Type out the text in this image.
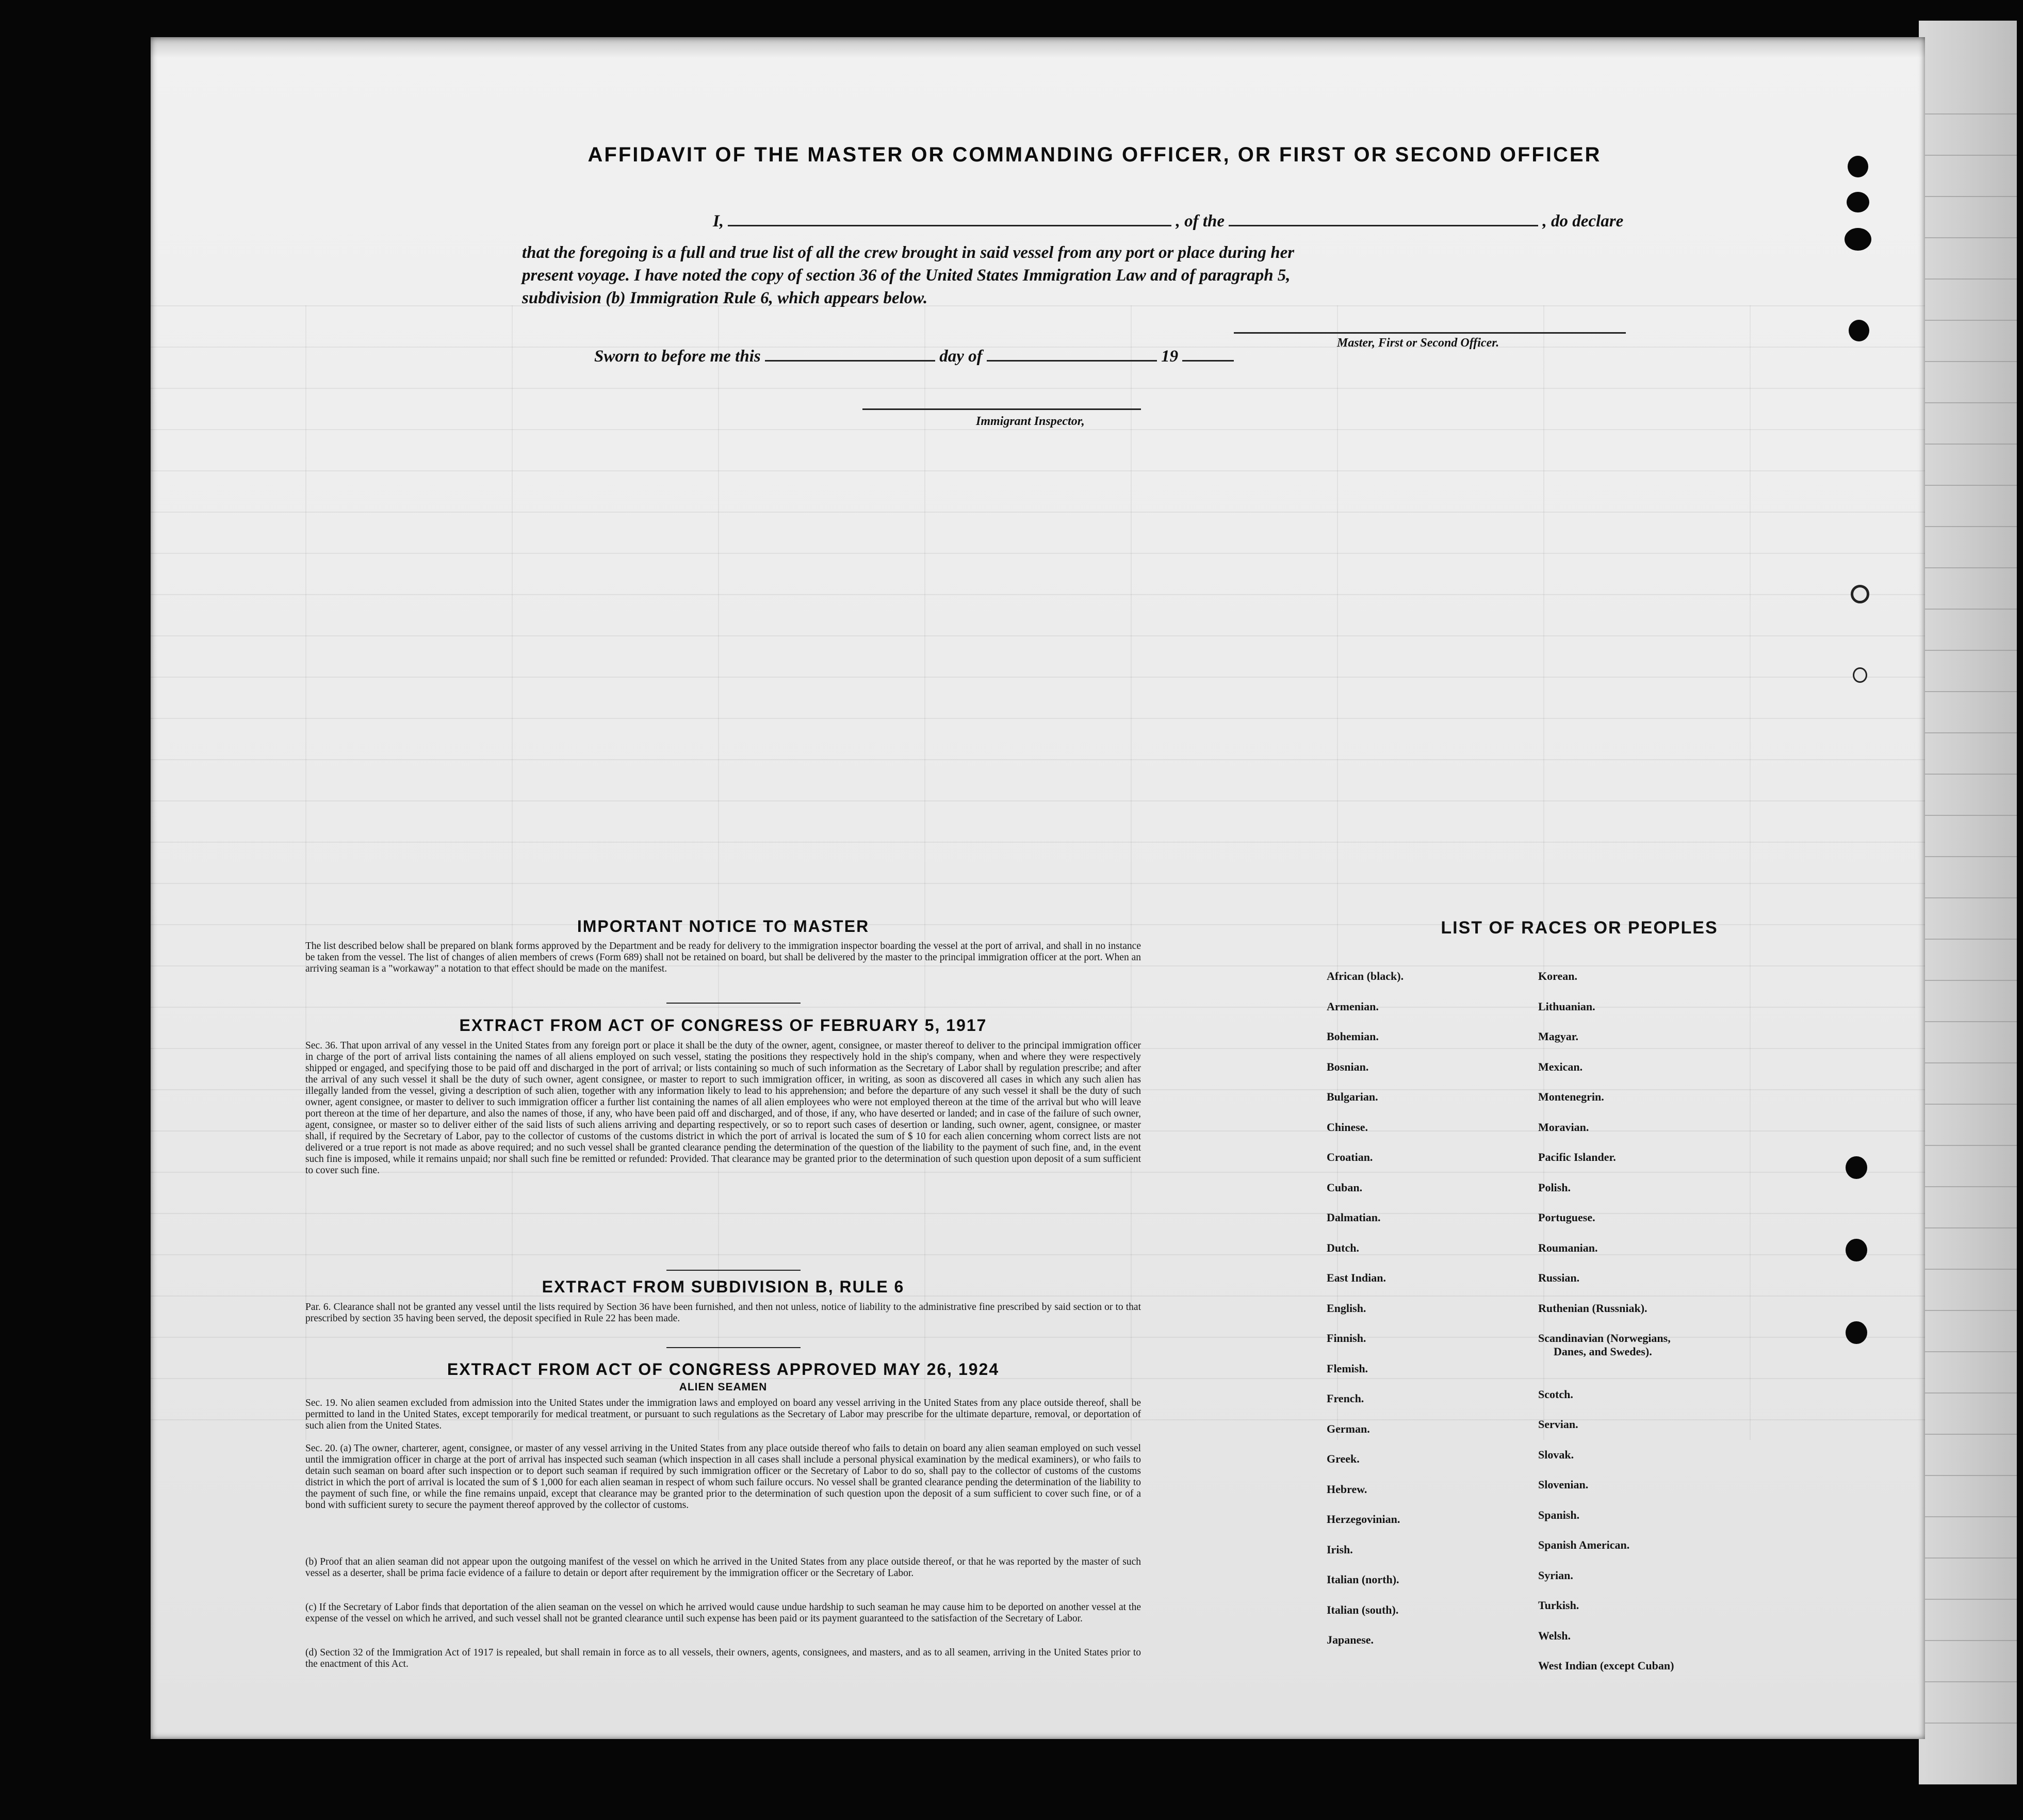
AFFIDAVIT OF THE MASTER OR COMMANDING OFFICER, OR FIRST OR SECOND OFFICER
I,	, of the	, do declare
that the foregoing is a full and true list of all the crew brought in said vessel from any port or place during her
present voyage. I have noted the copy of section 36 of the United States Immigration Law and of paragraph 5,
subdivision (b) Immigration Rule 6, which appears below.
Master, First or Second Officer.
Sworn to before me this	day of	19
Immigrant Inspector,
IMPORTANT NOTICE TO MASTER
The list described below shall be prepared on blank forms approved by the Department and be ready for delivery to the immigration inspector boarding the vessel at the port of arrival, and shall in no instance be taken from the vessel. The list of changes of alien members of crews (Form 689) shall not be retained on board, but shall be delivered by the master to the principal immigration officer at the port. When an arriving seaman is a "workaway" a notation to that effect should be made on the manifest.
EXTRACT FROM ACT OF CONGRESS OF FEBRUARY 5, 1917
Sec. 36. That upon arrival of any vessel in the United States from any foreign port or place it shall be the duty of the owner, agent, consignee, or master thereof to deliver to the principal immigration officer in charge of the port of arrival lists containing the names of all aliens employed on such vessel, stating the positions they respectively hold in the ship's company, when and where they were respectively shipped or engaged, and specifying those to be paid off and discharged in the port of arrival; or lists containing so much of such information as the Secretary of Labor shall by regulation prescribe; and after the arrival of any such vessel it shall be the duty of such owner, agent consignee, or master to report to such immigration officer, in writing, as soon as discovered all cases in which any such alien has illegally landed from the vessel, giving a description of such alien, together with any information likely to lead to his apprehension; and before the departure of any such vessel it shall be the duty of such owner, agent consignee, or master to deliver to such immigration officer a further list containing the names of all alien employees who were not employed thereon at the time of the arrival but who will leave port thereon at the time of her departure, and also the names of those, if any, who have been paid off and discharged, and of those, if any, who have deserted or landed; and in case of the failure of such owner, agent, consignee, or master so to deliver either of the said lists of such aliens arriving and departing respectively, or so to report such cases of desertion or landing, such owner, agent, consignee, or master shall, if required by the Secretary of Labor, pay to the collector of customs of the customs district in which the port of arrival is located the sum of $ 10 for each alien concerning whom correct lists are not delivered or a true report is not made as above required; and no such vessel shall be granted clearance pending the determination of the question of the liability to the payment of such fine, and, in the event such fine is imposed, while it remains unpaid; nor shall such fine be remitted or refunded: Provided. That clearance may be granted prior to the determination of such question upon deposit of a sum sufficient to cover such fine.
EXTRACT FROM SUBDIVISION B, RULE 6
Par. 6. Clearance shall not be granted any vessel until the lists required by Section 36 have been furnished, and then not unless, notice of liability to the administrative fine prescribed by said section or to that prescribed by section 35 having been served, the deposit specified in Rule 22 has been made.
EXTRACT FROM ACT OF CONGRESS APPROVED MAY 26, 1924
ALIEN SEAMEN
Sec. 19. No alien seamen excluded from admission into the United States under the immigration laws and employed on board any vessel arriving in the United States from any place outside thereof, shall be permitted to land in the United States, except temporarily for medical treatment, or pursuant to such regulations as the Secretary of Labor may prescribe for the ultimate departure, removal, or deportation of such alien from the United States.
Sec. 20. (a) The owner, charterer, agent, consignee, or master of any vessel arriving in the United States from any place outside thereof who fails to detain on board any alien seaman employed on such vessel until the immigration officer in charge at the port of arrival has inspected such seaman (which inspection in all cases shall include a personal physical examination by the medical examiners), or who fails to detain such seaman on board after such inspection or to deport such seaman if required by such immigration officer or the Secretary of Labor to do so, shall pay to the collector of customs of the customs district in which the port of arrival is located the sum of $ 1,000 for each alien seaman in respect of whom such failure occurs. No vessel shall be granted clearance pending the determination of the liability to the payment of such fine, or while the fine remains unpaid, except that clearance may be granted prior to the determination of such question upon the deposit of a sum sufficient to cover such fine, or of a bond with sufficient surety to secure the payment thereof approved by the collector of customs.
(b) Proof that an alien seaman did not appear upon the outgoing manifest of the vessel on which he arrived in the United States from any place outside thereof, or that he was reported by the master of such vessel as a deserter, shall be prima facie evidence of a failure to detain or deport after requirement by the immigration officer or the Secretary of Labor.
(c) If the Secretary of Labor finds that deportation of the alien seaman on the vessel on which he arrived would cause undue hardship to such seaman he may cause him to be deported on another vessel at the expense of the vessel on which he arrived, and such vessel shall not be granted clearance until such expense has been paid or its payment guaranteed to the satisfaction of the Secretary of Labor.
(d) Section 32 of the Immigration Act of 1917 is repealed, but shall remain in force as to all vessels, their owners, agents, consignees, and masters, and as to all seamen, arriving in the United States prior to the enactment of this Act.
LIST OF RACES OR PEOPLES
African (black).
Armenian.
Bohemian.
Bosnian.
Bulgarian.
Chinese.
Croatian.
Cuban.
Dalmatian.
Dutch.
East Indian.
English.
Finnish.
Flemish.
French.
German.
Greek.
Hebrew.
Herzegovinian.
Irish.
Italian (north).
Italian (south).
Japanese.
Korean.
Lithuanian.
Magyar.
Mexican.
Montenegrin.
Moravian.
Pacific Islander.
Polish.
Portuguese.
Roumanian.
Russian.
Ruthenian (Russniak).
Scandinavian (Norwegians,
Danes, and Swedes).
Scotch.
Servian.
Slovak.
Slovenian.
Spanish.
Spanish American.
Syrian.
Turkish.
Welsh.
West Indian (except Cuban)
